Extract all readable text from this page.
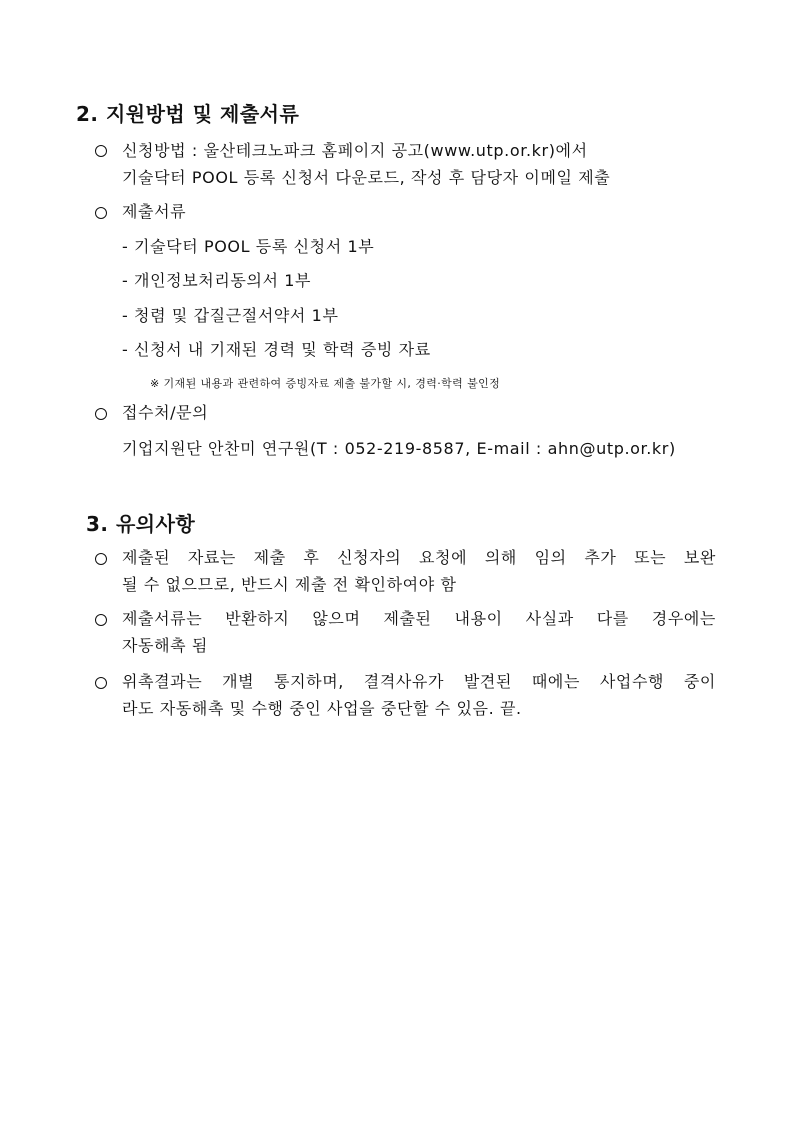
2. 지원방법 및 제출서류
신청방법 : 울산테크노파크 홈페이지 공고(www.utp.or.kr)에서
기술닥터 POOL 등록 신청서 다운로드, 작성 후 담당자 이메일 제출
제출서류
- 기술닥터 POOL 등록 신청서 1부
- 개인정보처리동의서 1부
- 청렴 및 갑질근절서약서 1부
- 신청서 내 기재된 경력 및 학력 증빙 자료
※ 기재된 내용과 관련하여 증빙자료 제출 불가할 시, 경력·학력 불인정
접수처/문의
기업지원단 안찬미 연구원(T : 052-219-8587, E-mail : ahn@utp.or.kr)
3. 유의사항
제출된 자료는 제출 후 신청자의 요청에 의해 임의 추가 또는 보완
될 수 없으므로, 반드시 제출 전 확인하여야 함
제출서류는 반환하지 않으며 제출된 내용이 사실과 다를 경우에는
자동해촉 됨
위촉결과는 개별 통지하며, 결격사유가 발견된 때에는 사업수행 중이
라도 자동해촉 및 수행 중인 사업을 중단할 수 있음. 끝.
